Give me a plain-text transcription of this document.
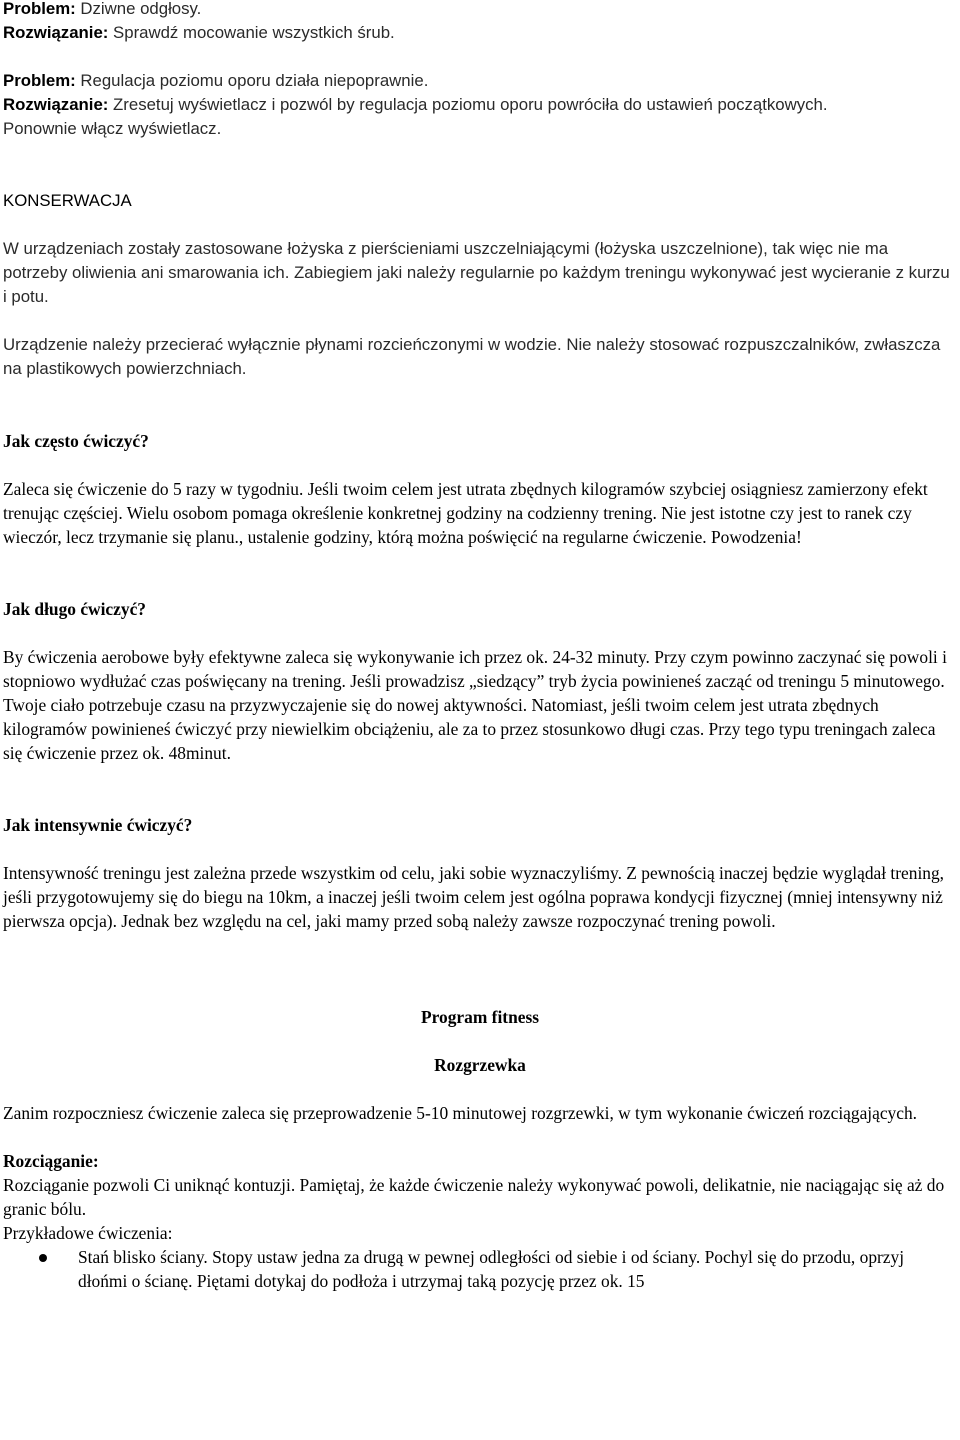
Problem: Dziwne odgłosy.

Rozwiązanie: Sprawdź mocowanie wszystkich śrub.

Problem: Regulacja poziomu oporu działa niepoprawnie.

Rozwiązanie: Zresetuj wyświetlacz i pozwól by regulacja poziomu oporu powróciła do ustawień początkowych.

Ponownie włącz wyświetlacz.

KONSERWACJA

W urządzeniach zostały zastosowane łożyska z pierścieniami uszczelniającymi (łożyska uszczelnione), tak więc nie ma potrzeby oliwienia ani smarowania ich. Zabiegiem jaki należy regularnie po każdym treningu wykonywać jest wycieranie z kurzu i potu.

Urządzenie należy przecierać wyłącznie płynami rozcieńczonymi w wodzie. Nie należy stosować rozpuszczalników, zwłaszcza na plastikowych powierzchniach.

Jak często ćwiczyć?

Zaleca się ćwiczenie do 5 razy w tygodniu. Jeśli twoim celem jest utrata zbędnych kilogramów szybciej osiągniesz zamierzony efekt trenując częściej. Wielu osobom pomaga określenie konkretnej godziny na codzienny trening. Nie jest istotne czy jest to ranek czy wieczór, lecz trzymanie się planu., ustalenie godziny, którą można poświęcić na regularne ćwiczenie. Powodzenia!

Jak długo ćwiczyć?

By ćwiczenia aerobowe były efektywne zaleca się wykonywanie ich przez ok. 24-32 minuty. Przy czym powinno zaczynać się powoli i stopniowo wydłużać czas poświęcany na trening. Jeśli prowadzisz „siedzący” tryb życia powinieneś zacząć od treningu 5 minutowego. Twoje ciało potrzebuje czasu na przyzwyczajenie się do nowej aktywności. Natomiast, jeśli twoim celem jest utrata zbędnych kilogramów powinieneś ćwiczyć przy niewielkim obciążeniu, ale za to przez stosunkowo długi czas. Przy tego typu treningach zaleca się ćwiczenie przez ok. 48minut.

Jak intensywnie ćwiczyć?

Intensywność treningu jest zależna przede wszystkim od celu, jaki sobie wyznaczyliśmy. Z pewnością inaczej będzie wyglądał trening, jeśli przygotowujemy się do biegu na 10km, a inaczej jeśli twoim celem jest ogólna poprawa kondycji fizycznej (mniej intensywny niż pierwsza opcja). Jednak bez względu na cel, jaki mamy przed sobą należy zawsze rozpoczynać trening powoli.

Program fitness

Rozgrzewka

Zanim rozpoczniesz ćwiczenie zaleca się przeprowadzenie 5-10 minutowej rozgrzewki, w tym wykonanie ćwiczeń rozciągających.

Rozciąganie:

Rozciąganie pozwoli Ci uniknąć kontuzji. Pamiętaj, że każde ćwiczenie należy wykonywać powoli, delikatnie, nie naciągając się aż do granic bólu.

Przykładowe ćwiczenia:

Stań blisko ściany. Stopy ustaw jedna za drugą w pewnej odległości od siebie i od ściany. Pochyl się do przodu, oprzyj dłońmi o ścianę. Piętami dotykaj do podłoża i utrzymaj taką pozycję przez ok. 15
